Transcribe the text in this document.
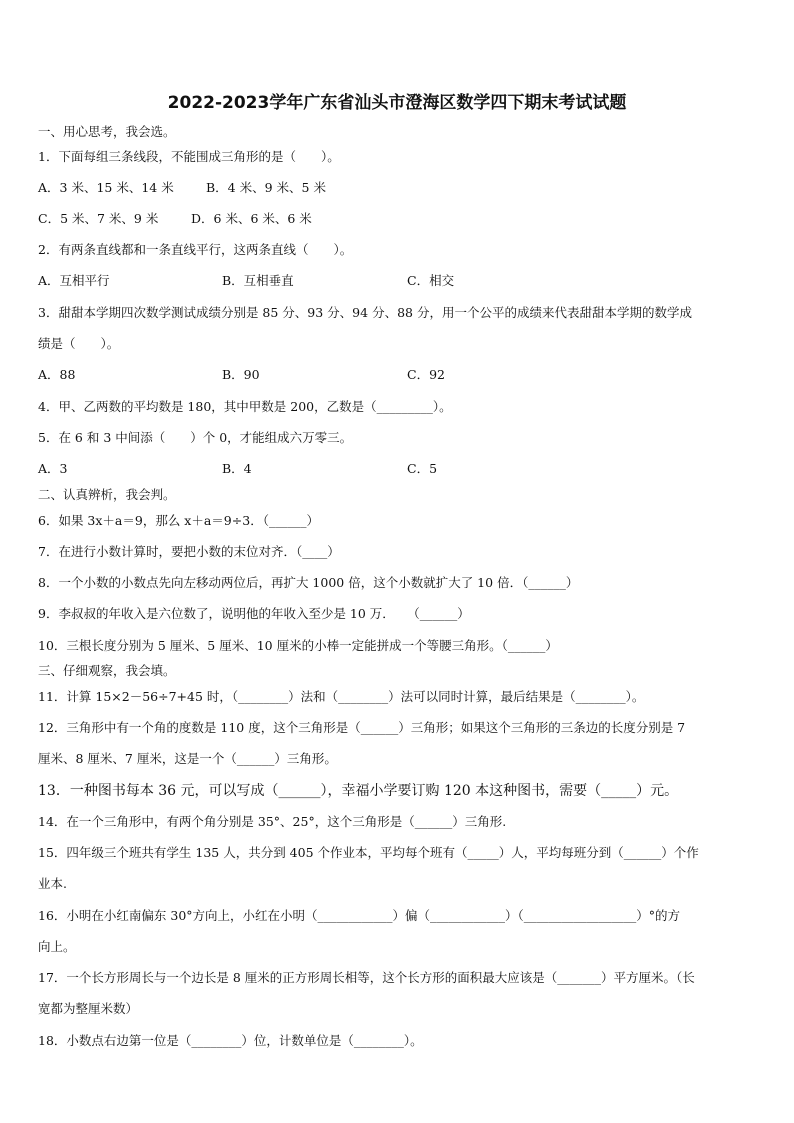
2022-2023学年广东省汕头市澄海区数学四下期末考试试题
一、用心思考，我会选。
1．下面每组三条线段，不能围成三角形的是（　　）。
A．3 米、15 米、14 米	B．4 米、9 米、5 米
C．5 米、7 米、9 米	D．6 米、6 米、6 米
2．有两条直线都和一条直线平行，这两条直线（　　）。
A．互相平行	B．互相垂直	C．相交
3．甜甜本学期四次数学测试成绩分别是 85 分、93 分、94 分、88 分，用一个公平的成绩来代表甜甜本学期的数学成
绩是（　　）。
A．88	B．90	C．92
4．甲、乙两数的平均数是 180，其中甲数是 200，乙数是（_________）。
5．在 6 和 3 中间添（　　）个 0，才能组成六万零三。
A．3	B．4	C．5
二、认真辨析，我会判。
6．如果 3x＋a＝9，那么 x＋a＝9÷3．（______）
7．在进行小数计算时，要把小数的末位对齐．（____）
8．一个小数的小数点先向左移动两位后，再扩大 1000 倍，这个小数就扩大了 10 倍．（______）
9．李叔叔的年收入是六位数了，说明他的年收入至少是 10 万．　　（______）
10．三根长度分别为 5 厘米、5 厘米、10 厘米的小棒一定能拼成一个等腰三角形。（______）
三、仔细观察，我会填。
11．计算 15×2－56÷7+45 时，（________）法和（________）法可以同时计算，最后结果是（________）。
12．三角形中有一个角的度数是 110 度，这个三角形是（______）三角形；如果这个三角形的三条边的长度分别是 7
厘米、8 厘米、7 厘米，这是一个（______）三角形。
13．一种图书每本 36 元，可以写成（______），幸福小学要订购 120 本这种图书，需要（_____）元。
14．在一个三角形中，有两个角分别是 35°、25°，这个三角形是（______）三角形.
15．四年级三个班共有学生 135 人，共分到 405 个作业本，平均每个班有（_____）人，平均每班分到（______）个作
业本.
16．小明在小红南偏东 30°方向上，小红在小明（____________）偏（____________）（__________________）°的方
向上。
17．一个长方形周长与一个边长是 8 厘米的正方形周长相等，这个长方形的面积最大应该是（_______）平方厘米。（长
宽都为整厘米数）
18．小数点右边第一位是（________）位，计数单位是（________）。
